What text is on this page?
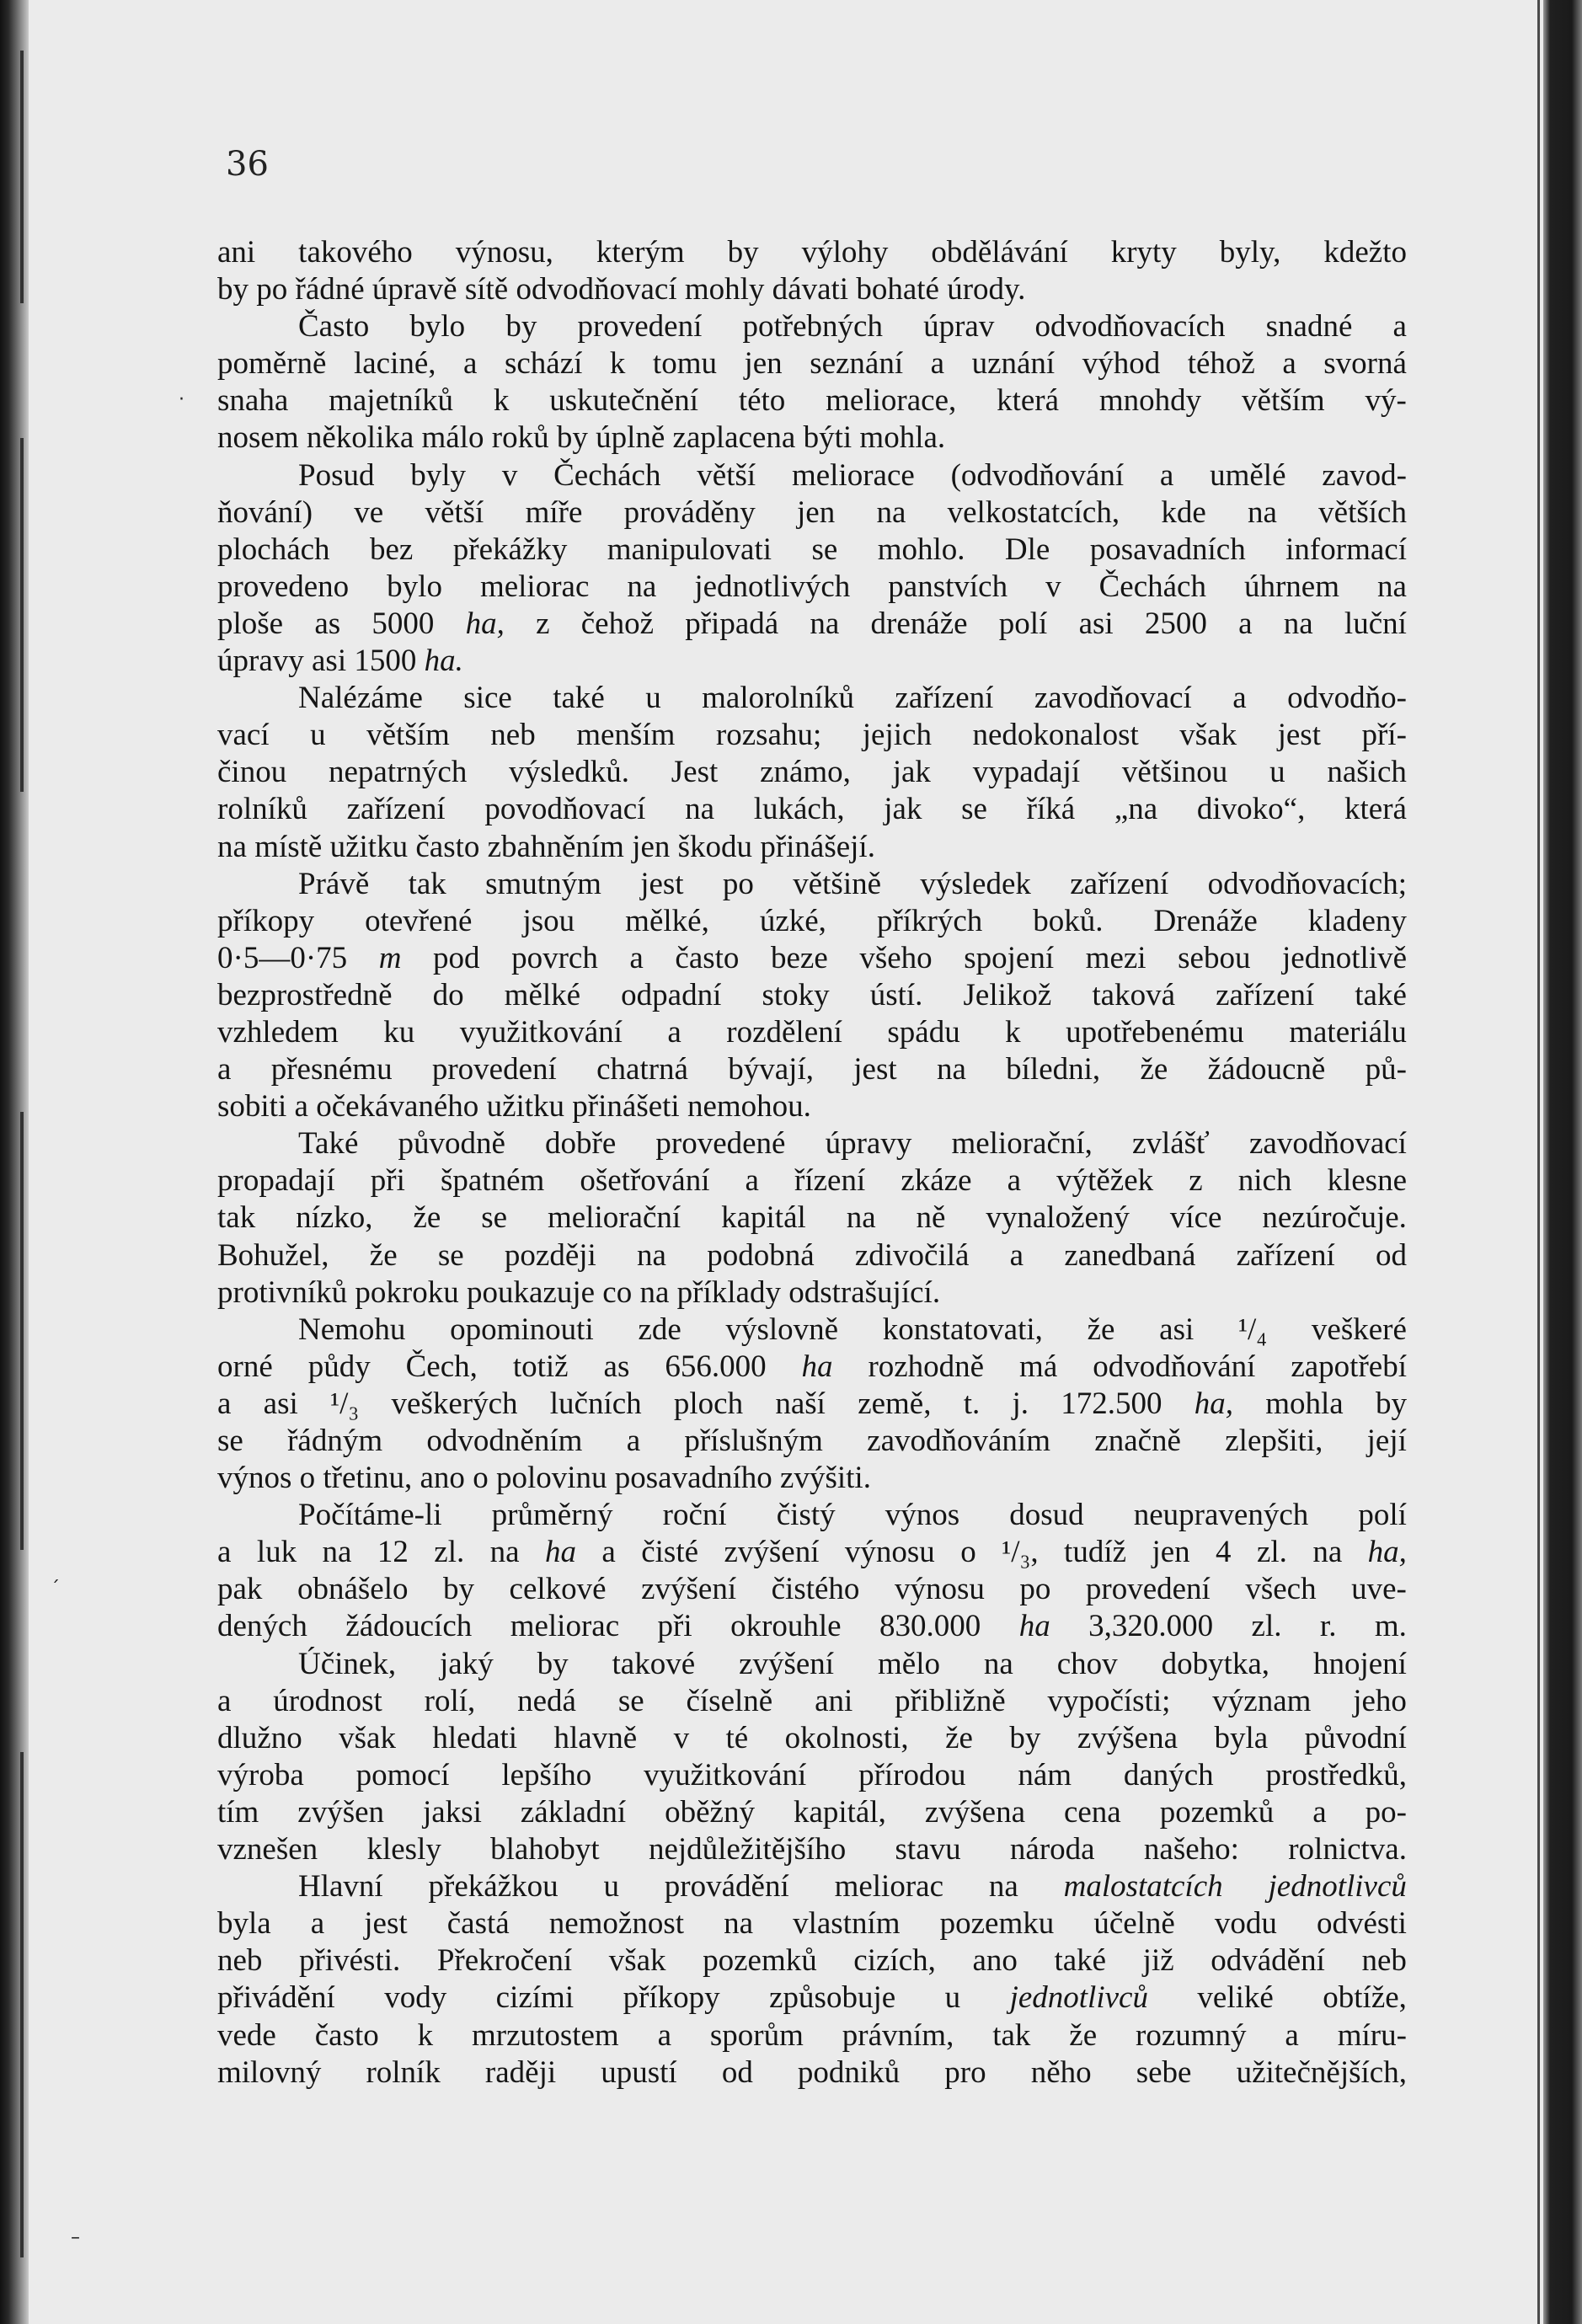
36
ani takového výnosu, kterým by výlohy obdělávání kryty byly, kdežto
by po řádné úpravě sítě odvodňovací mohly dávati bohaté úrody.
Často bylo by provedení potřebných úprav odvodňovacích snadné a
poměrně laciné, a schází k tomu jen seznání a uznání výhod téhož a svorná
snaha majetníků k uskutečnění této meliorace, která mnohdy větším vý-
nosem několika málo roků by úplně zaplacena býti mohla.
Posud byly v Čechách větší meliorace (odvodňování a umělé zavod-
ňování) ve větší míře prováděny jen na velkostatcích, kde na větších
plochách bez překážky manipulovati se mohlo. Dle posavadních informací
provedeno bylo meliorac na jednotlivých panstvích v Čechách úhrnem na
ploše as 5000 ha, z čehož připadá na drenáže polí asi 2500 a na luční
úpravy asi 1500 ha.
Nalézáme sice také u malorolníků zařízení zavodňovací a odvodňo-
vací u větším neb menším rozsahu; jejich nedokonalost však jest pří-
činou nepatrných výsledků. Jest známo, jak vypadají většinou u našich
rolníků zařízení povodňovací na lukách, jak se říká „na divoko“, která
na místě užitku často zbahněním jen škodu přinášejí.
Právě tak smutným jest po většině výsledek zařízení odvodňovacích;
příkopy otevřené jsou mělké, úzké, příkrých boků. Drenáže kladeny
0·5—0·75 m pod povrch a často beze všeho spojení mezi sebou jednotlivě
bezprostředně do mělké odpadní stoky ústí. Jelikož taková zařízení také
vzhledem ku využitkování a rozdělení spádu k upotřebenému materiálu
a přesnému provedení chatrná bývají, jest na bíledni, že žádoucně pů-
sobiti a očekávaného užitku přinášeti nemohou.
Také původně dobře provedené úpravy meliorační, zvlášť zavodňovací
propadají při špatném ošetřování a řízení zkáze a výtěžek z nich klesne
tak nízko, že se meliorační kapitál na ně vynaložený více nezúročuje.
Bohužel, že se později na podobná zdivočilá a zanedbaná zařízení od
protivníků pokroku poukazuje co na příklady odstrašující.
Nemohu opominouti zde výslovně konstatovati, že asi ¹/₄ veškeré
orné půdy Čech, totiž as 656.000 ha rozhodně má odvodňování zapotřebí
a asi ¹/₃ veškerých lučních ploch naší země, t. j. 172.500 ha, mohla by
se řádným odvodněním a příslušným zavodňováním značně zlepšiti, její
výnos o třetinu, ano o polovinu posavadního zvýšiti.
Počítáme-li průměrný roční čistý výnos dosud neupravených polí
a luk na 12 zl. na ha a čisté zvýšení výnosu o ¹/₃, tudíž jen 4 zl. na ha,
pak obnášelo by celkové zvýšení čistého výnosu po provedení všech uve-
dených žádoucích meliorac při okrouhle 830.000 ha 3,320.000 zl. r. m.
Účinek, jaký by takové zvýšení mělo na chov dobytka, hnojení
a úrodnost rolí, nedá se číselně ani přibližně vypočísti; význam jeho
dlužno však hledati hlavně v té okolnosti, že by zvýšena byla původní
výroba pomocí lepšího využitkování přírodou nám daných prostředků,
tím zvýšen jaksi základní oběžný kapitál, zvýšena cena pozemků a po-
vznešen klesly blahobyt nejdůležitějšího stavu národa našeho: rolnictva.
Hlavní překážkou u provádění meliorac na malostatcích jednotlivců
byla a jest častá nemožnost na vlastním pozemku účelně vodu odvésti
neb přivésti. Překročení však pozemků cizích, ano také již odvádění neb
přivádění vody cizími příkopy způsobuje u jednotlivců veliké obtíže,
vede často k mrzutostem a sporům právním, tak že rozumný a míru-
milovný rolník raději upustí od podniků pro něho sebe užitečnějších,
·
–
ˊ
